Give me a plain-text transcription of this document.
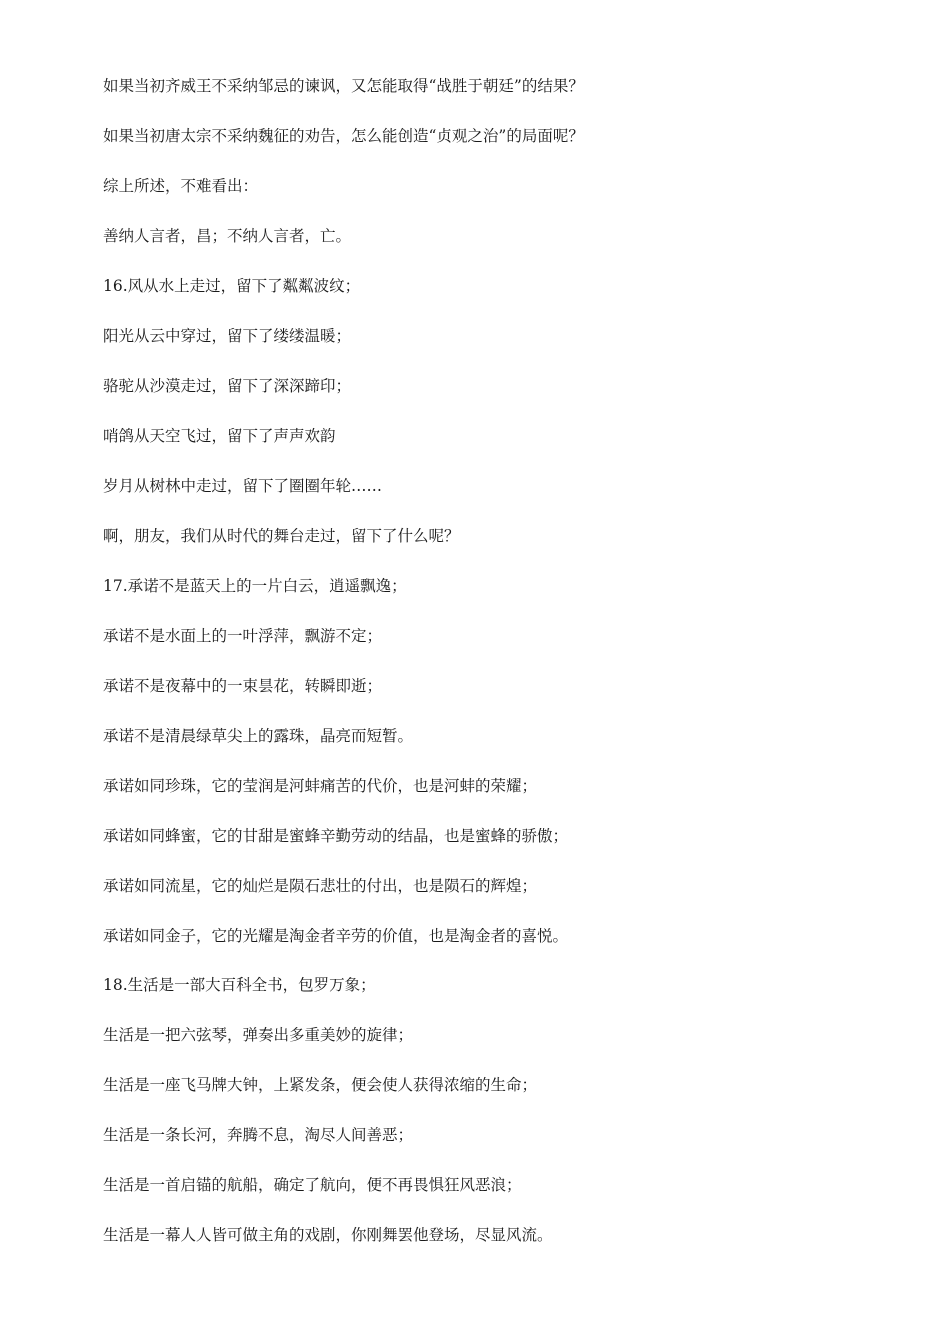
如果当初齐威王不采纳邹忌的谏讽，又怎能取得“战胜于朝廷”的结果？

如果当初唐太宗不采纳魏征的劝告，怎么能创造“贞观之治”的局面呢？

综上所述，不难看出：

善纳人言者，昌；不纳人言者，亡。

16.风从水上走过，留下了粼粼波纹；

阳光从云中穿过，留下了缕缕温暖；

骆驼从沙漠走过，留下了深深蹄印；

哨鸽从天空飞过，留下了声声欢韵

岁月从树林中走过，留下了圈圈年轮……

啊，朋友，我们从时代的舞台走过，留下了什么呢？

17.承诺不是蓝天上的一片白云，逍遥飘逸；

承诺不是水面上的一叶浮萍，飘游不定；

承诺不是夜幕中的一束昙花，转瞬即逝；

承诺不是清晨绿草尖上的露珠，晶亮而短暂。

承诺如同珍珠，它的莹润是河蚌痛苦的代价，也是河蚌的荣耀；

承诺如同蜂蜜，它的甘甜是蜜蜂辛勤劳动的结晶，也是蜜蜂的骄傲；

承诺如同流星，它的灿烂是陨石悲壮的付出，也是陨石的辉煌；

承诺如同金子，它的光耀是淘金者辛劳的价值，也是淘金者的喜悦。

18.生活是一部大百科全书，包罗万象；

生活是一把六弦琴，弹奏出多重美妙的旋律；

生活是一座飞马牌大钟，上紧发条，便会使人获得浓缩的生命；

生活是一条长河，奔腾不息，淘尽人间善恶；

生活是一首启锚的航船，确定了航向，便不再畏惧狂风恶浪；

生活是一幕人人皆可做主角的戏剧，你刚舞罢他登场，尽显风流。
